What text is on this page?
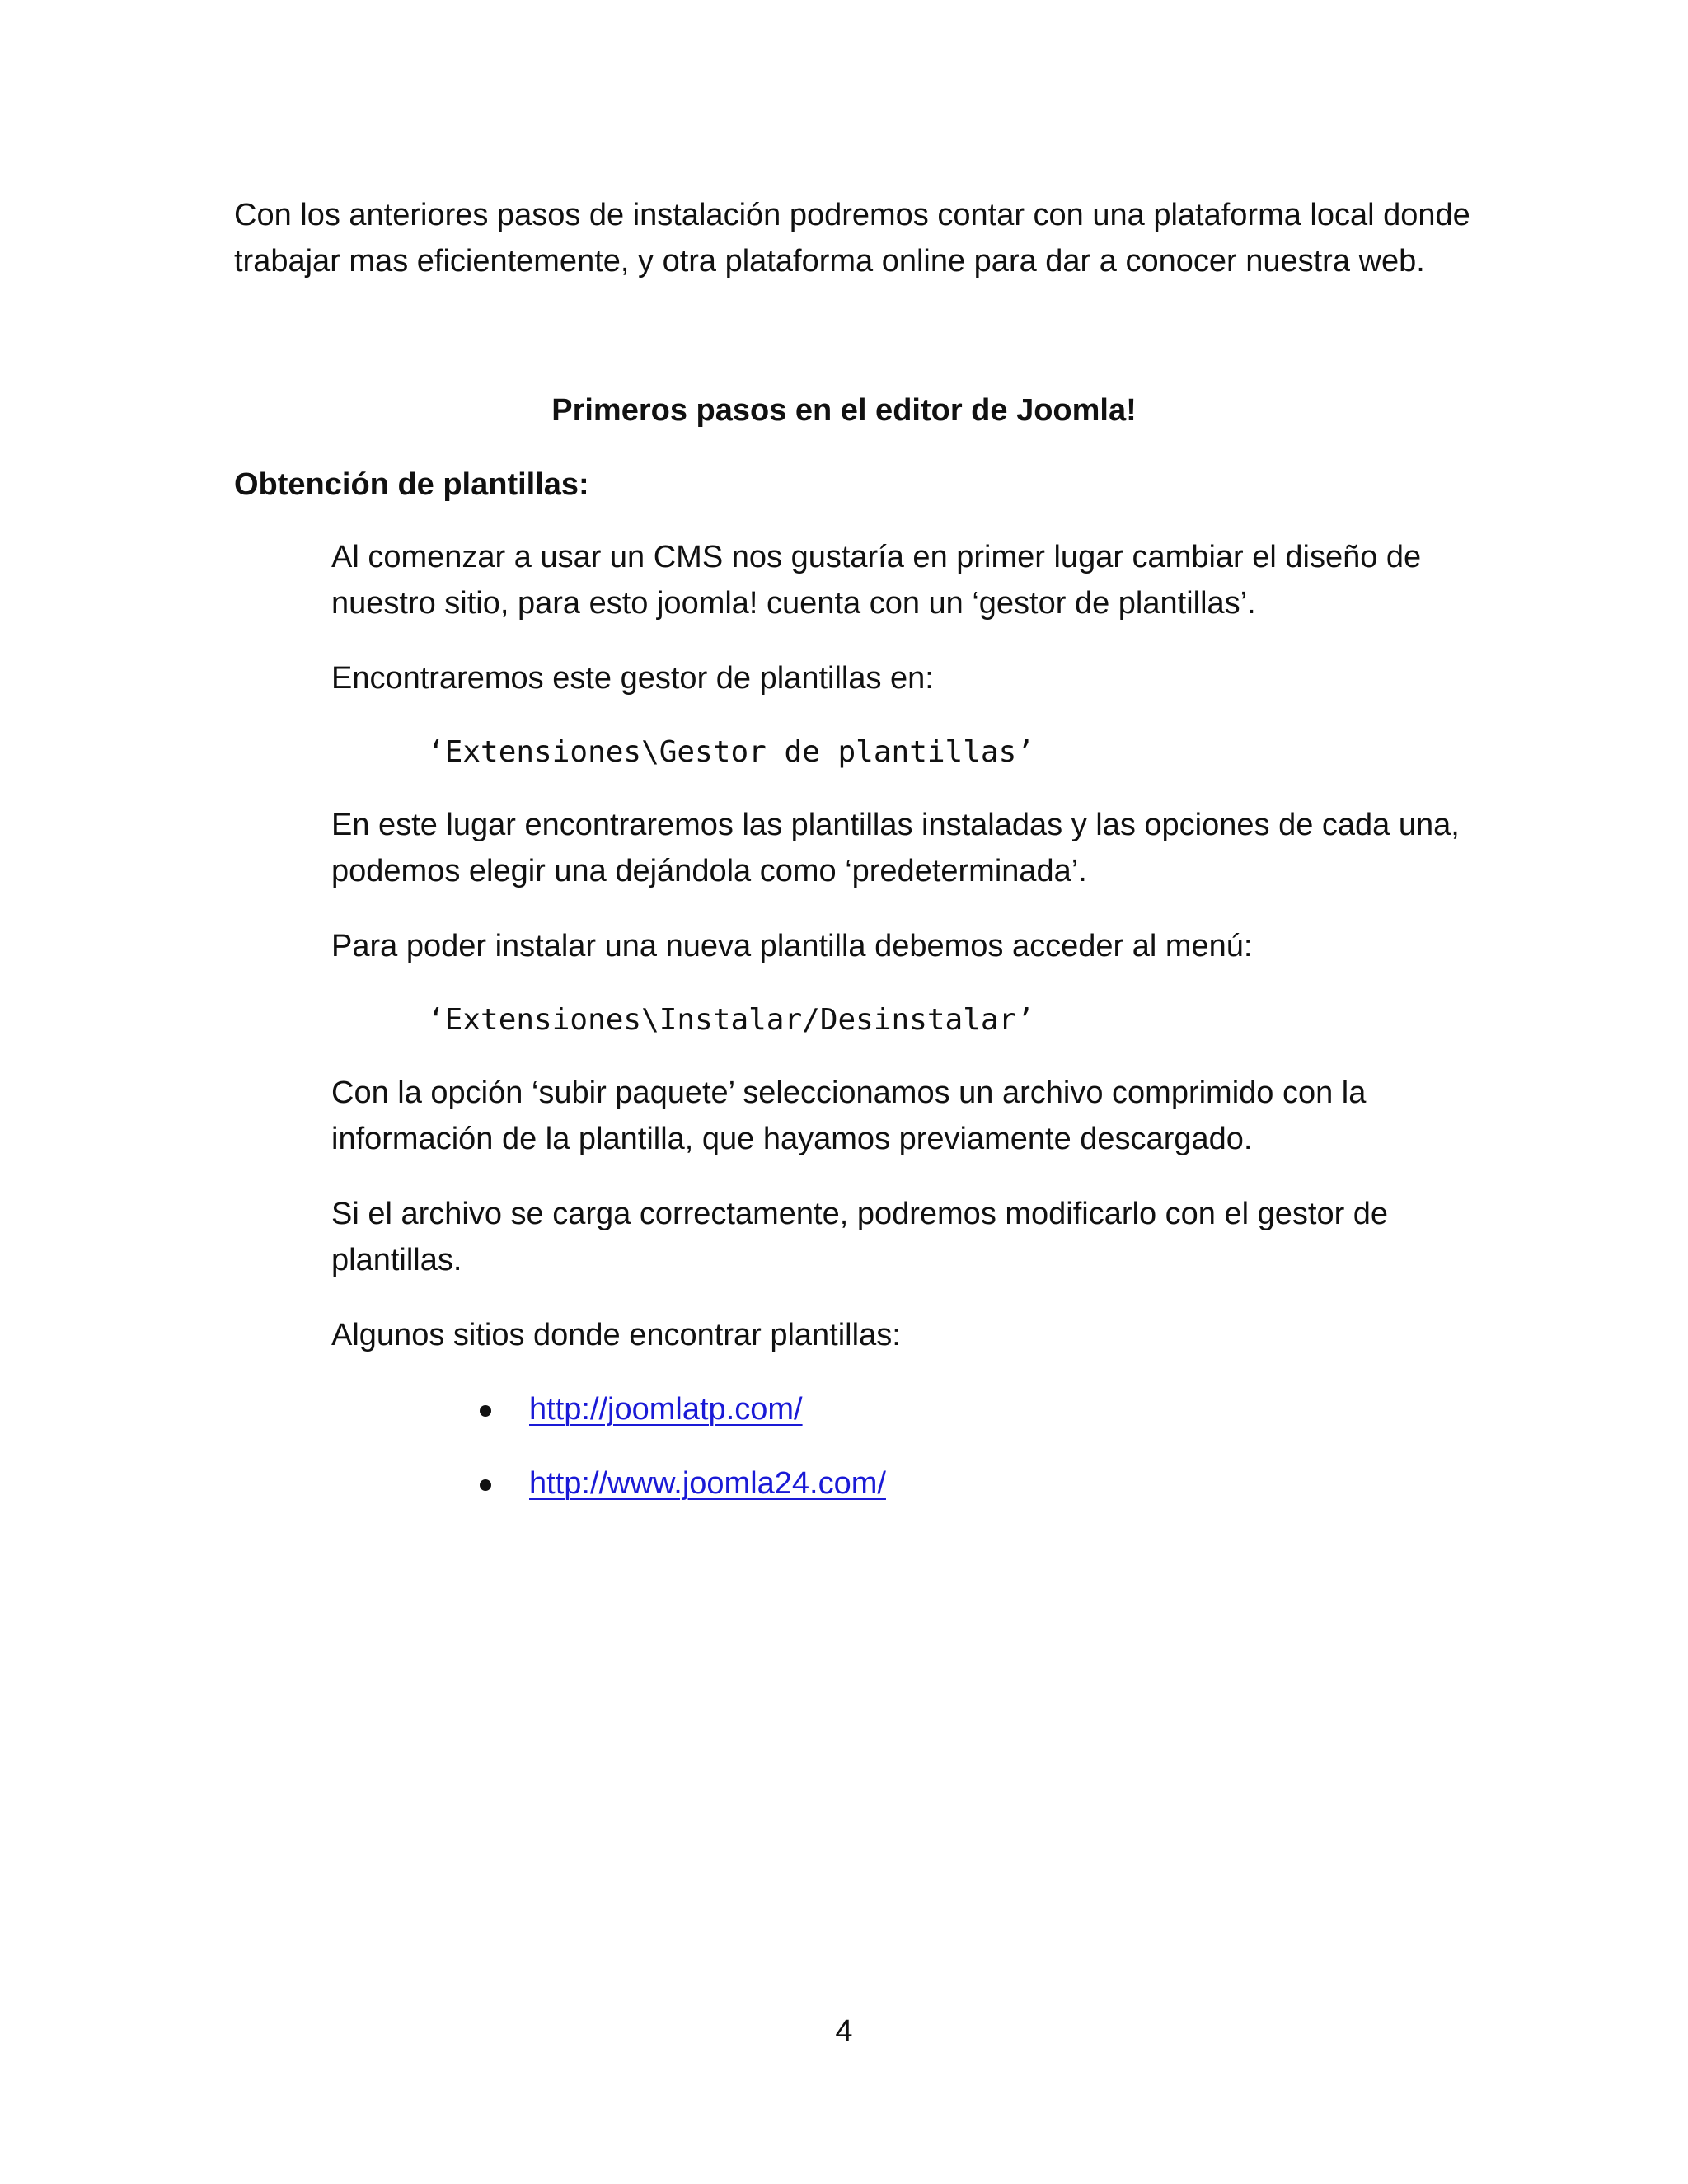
Con los anteriores pasos de instalación podremos contar con una plataforma local donde
trabajar mas eficientemente, y otra plataforma online para dar a conocer nuestra web.
Primeros pasos en el editor de Joomla!
Obtención de plantillas:
Al comenzar a usar un CMS nos gustaría en primer lugar cambiar el diseño de
nuestro sitio, para esto joomla! cuenta con un ‘gestor de plantillas’.
Encontraremos este gestor de plantillas en:
‘Extensiones\Gestor de plantillas’
En este lugar encontraremos las plantillas instaladas y las opciones de cada una,
podemos elegir una dejándola como ‘predeterminada’.
Para poder instalar una nueva plantilla debemos acceder al menú:
‘Extensiones\Instalar/Desinstalar’
Con la opción ‘subir paquete’ seleccionamos un archivo comprimido con la
información de la plantilla, que hayamos previamente descargado.
Si el archivo se carga correctamente, podremos modificarlo con el gestor de
plantillas.
Algunos sitios donde encontrar plantillas:
http://joomlatp.com/
http://www.joomla24.com/
4
